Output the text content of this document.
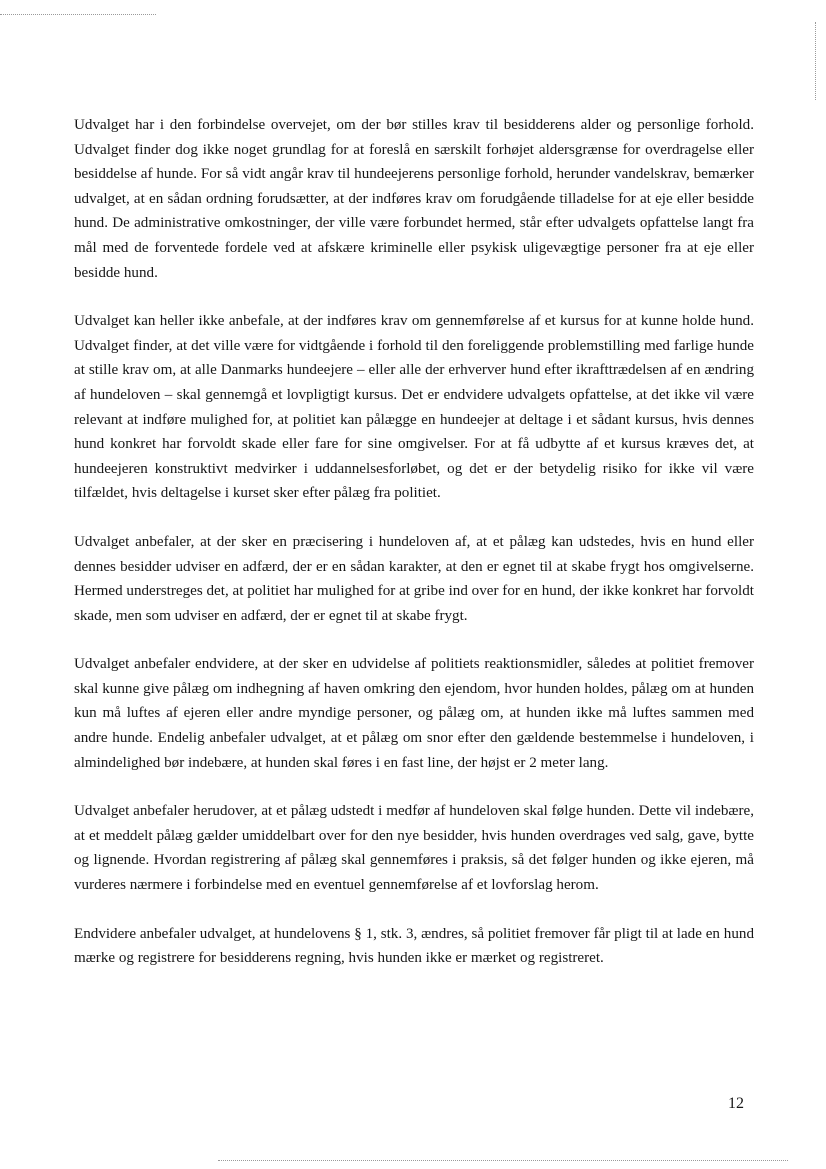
Udvalget har i den forbindelse overvejet, om der bør stilles krav til besidderens alder og personlige forhold. Udvalget finder dog ikke noget grundlag for at foreslå en særskilt forhøjet aldersgrænse for overdragelse eller besiddelse af hunde. For så vidt angår krav til hundeejerens personlige forhold, herunder vandelskrav, bemærker udvalget, at en sådan ordning forudsætter, at der indføres krav om forudgående tilladelse for at eje eller besidde hund. De administrative omkostninger, der ville være forbundet hermed, står efter udvalgets opfattelse langt fra mål med de forventede fordele ved at afskære kriminelle eller psykisk uligevægtige personer fra at eje eller besidde hund.

Udvalget kan heller ikke anbefale, at der indføres krav om gennemførelse af et kursus for at kunne holde hund. Udvalget finder, at det ville være for vidtgående i forhold til den foreliggende problemstilling med farlige hunde at stille krav om, at alle Danmarks hundeejere – eller alle der erhverver hund efter ikrafttrædelsen af en ændring af hundeloven – skal gennemgå et lovpligtigt kursus. Det er endvidere udvalgets opfattelse, at det ikke vil være relevant at indføre mulighed for, at politiet kan pålægge en hundeejer at deltage i et sådant kursus, hvis dennes hund konkret har forvoldt skade eller fare for sine omgivelser. For at få udbytte af et kursus kræves det, at hundeejeren konstruktivt medvirker i uddannelsesforløbet, og det er der betydelig risiko for ikke vil være tilfældet, hvis deltagelse i kurset sker efter pålæg fra politiet.

Udvalget anbefaler, at der sker en præcisering i hundeloven af, at et pålæg kan udstedes, hvis en hund eller dennes besidder udviser en adfærd, der er en sådan karakter, at den er egnet til at skabe frygt hos omgivelserne. Hermed understreges det, at politiet har mulighed for at gribe ind over for en hund, der ikke konkret har forvoldt skade, men som udviser en adfærd, der er egnet til at skabe frygt.

Udvalget anbefaler endvidere, at der sker en udvidelse af politiets reaktionsmidler, således at politiet fremover skal kunne give pålæg om indhegning af haven omkring den ejendom, hvor hunden holdes, pålæg om at hunden kun må luftes af ejeren eller andre myndige personer, og pålæg om, at hunden ikke må luftes sammen med andre hunde. Endelig anbefaler udvalget, at et pålæg om snor efter den gældende bestemmelse i hundeloven, i almindelighed bør indebære, at hunden skal føres i en fast line, der højst er 2 meter lang.

Udvalget anbefaler herudover, at et pålæg udstedt i medfør af hundeloven skal følge hunden. Dette vil indebære, at et meddelt pålæg gælder umiddelbart over for den nye besidder, hvis hunden overdrages ved salg, gave, bytte og lignende. Hvordan registrering af pålæg skal gennemføres i praksis, så det følger hunden og ikke ejeren, må vurderes nærmere i forbindelse med en eventuel gennemførelse af et lovforslag herom.

Endvidere anbefaler udvalget, at hundelovens § 1, stk. 3, ændres, så politiet fremover får pligt til at lade en hund mærke og registrere for besidderens regning, hvis hunden ikke er mærket og registreret.

12
